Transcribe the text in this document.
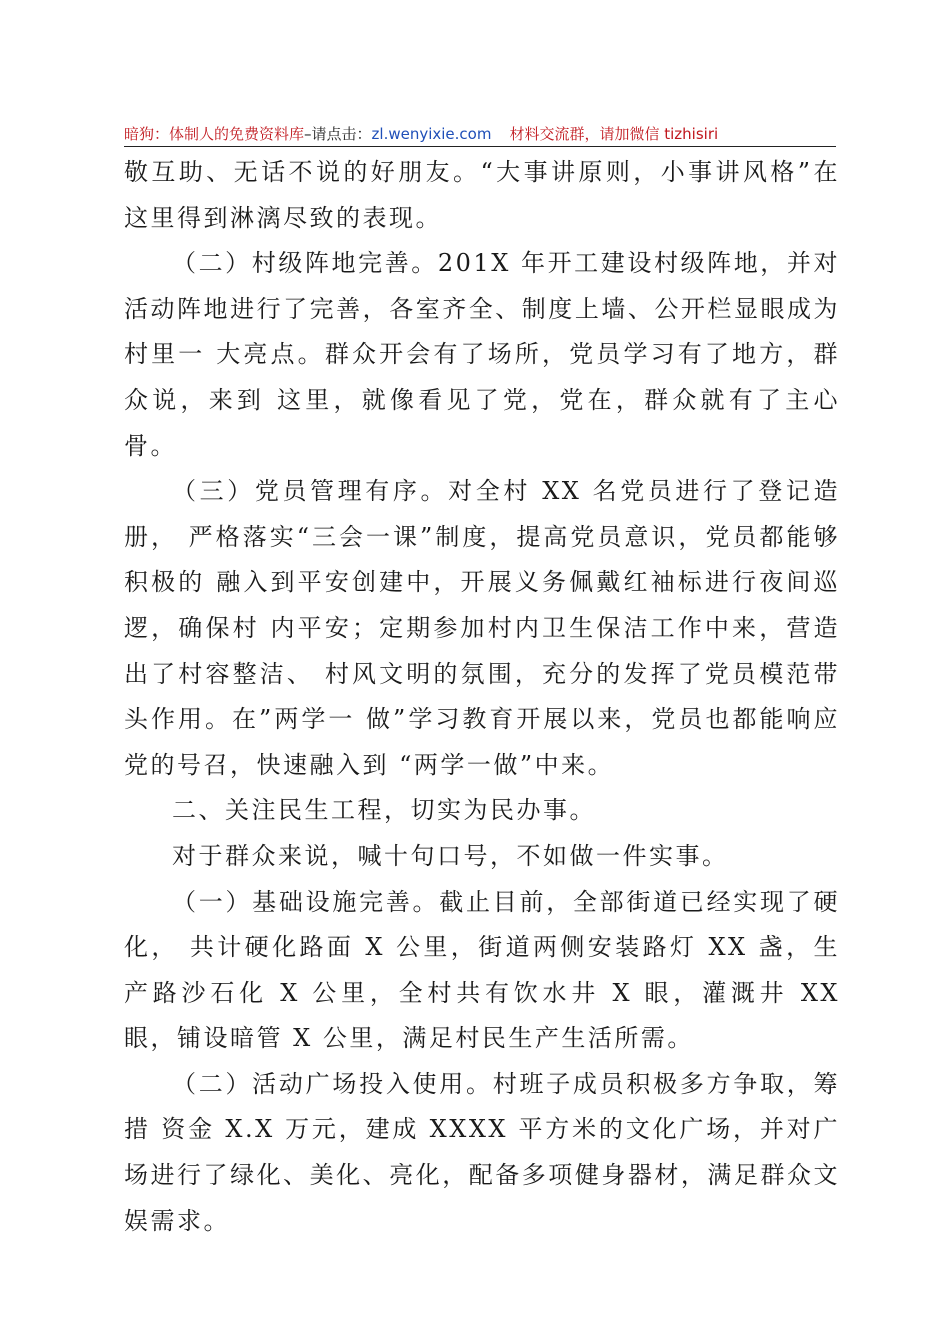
暗狗：体制人的免费资料库–请点击：zl.wenyixie.com 材料交流群，请加微信 tizhisiri

敬互助、无话不说的好朋友。“大事讲原则，小事讲风格”在这里得到淋漓尽致的表现。

（二）村级阵地完善。201X 年开工建设村级阵地，并对活动阵地进行了完善，各室齐全、制度上墙、公开栏显眼成为村里一 大亮点。群众开会有了场所，党员学习有了地方，群众说，来到 这里，就像看见了党，党在，群众就有了主心骨。

（三）党员管理有序。对全村 XX 名党员进行了登记造册， 严格落实“三会一课”制度，提高党员意识，党员都能够积极的 融入到平安创建中，开展义务佩戴红袖标进行夜间巡逻，确保村 内平安；定期参加村内卫生保洁工作中来，营造出了村容整洁、 村风文明的氛围，充分的发挥了党员模范带头作用。在”两学一 做”学习教育开展以来，党员也都能响应党的号召，快速融入到 “两学一做”中来。

二、关注民生工程，切实为民办事。

对于群众来说，喊十句口号，不如做一件实事。

（一）基础设施完善。截止目前，全部街道已经实现了硬化， 共计硬化路面 X 公里，街道两侧安装路灯 XX 盏，生产路沙石化 X 公里，全村共有饮水井 X 眼，灌溉井 XX 眼，铺设暗管 X 公里，满足村民生产生活所需。

（二）活动广场投入使用。村班子成员积极多方争取，筹措 资金 X.X 万元，建成 XXXX 平方米的文化广场，并对广场进行了绿化、美化、亮化，配备多项健身器材，满足群众文娱需求。
